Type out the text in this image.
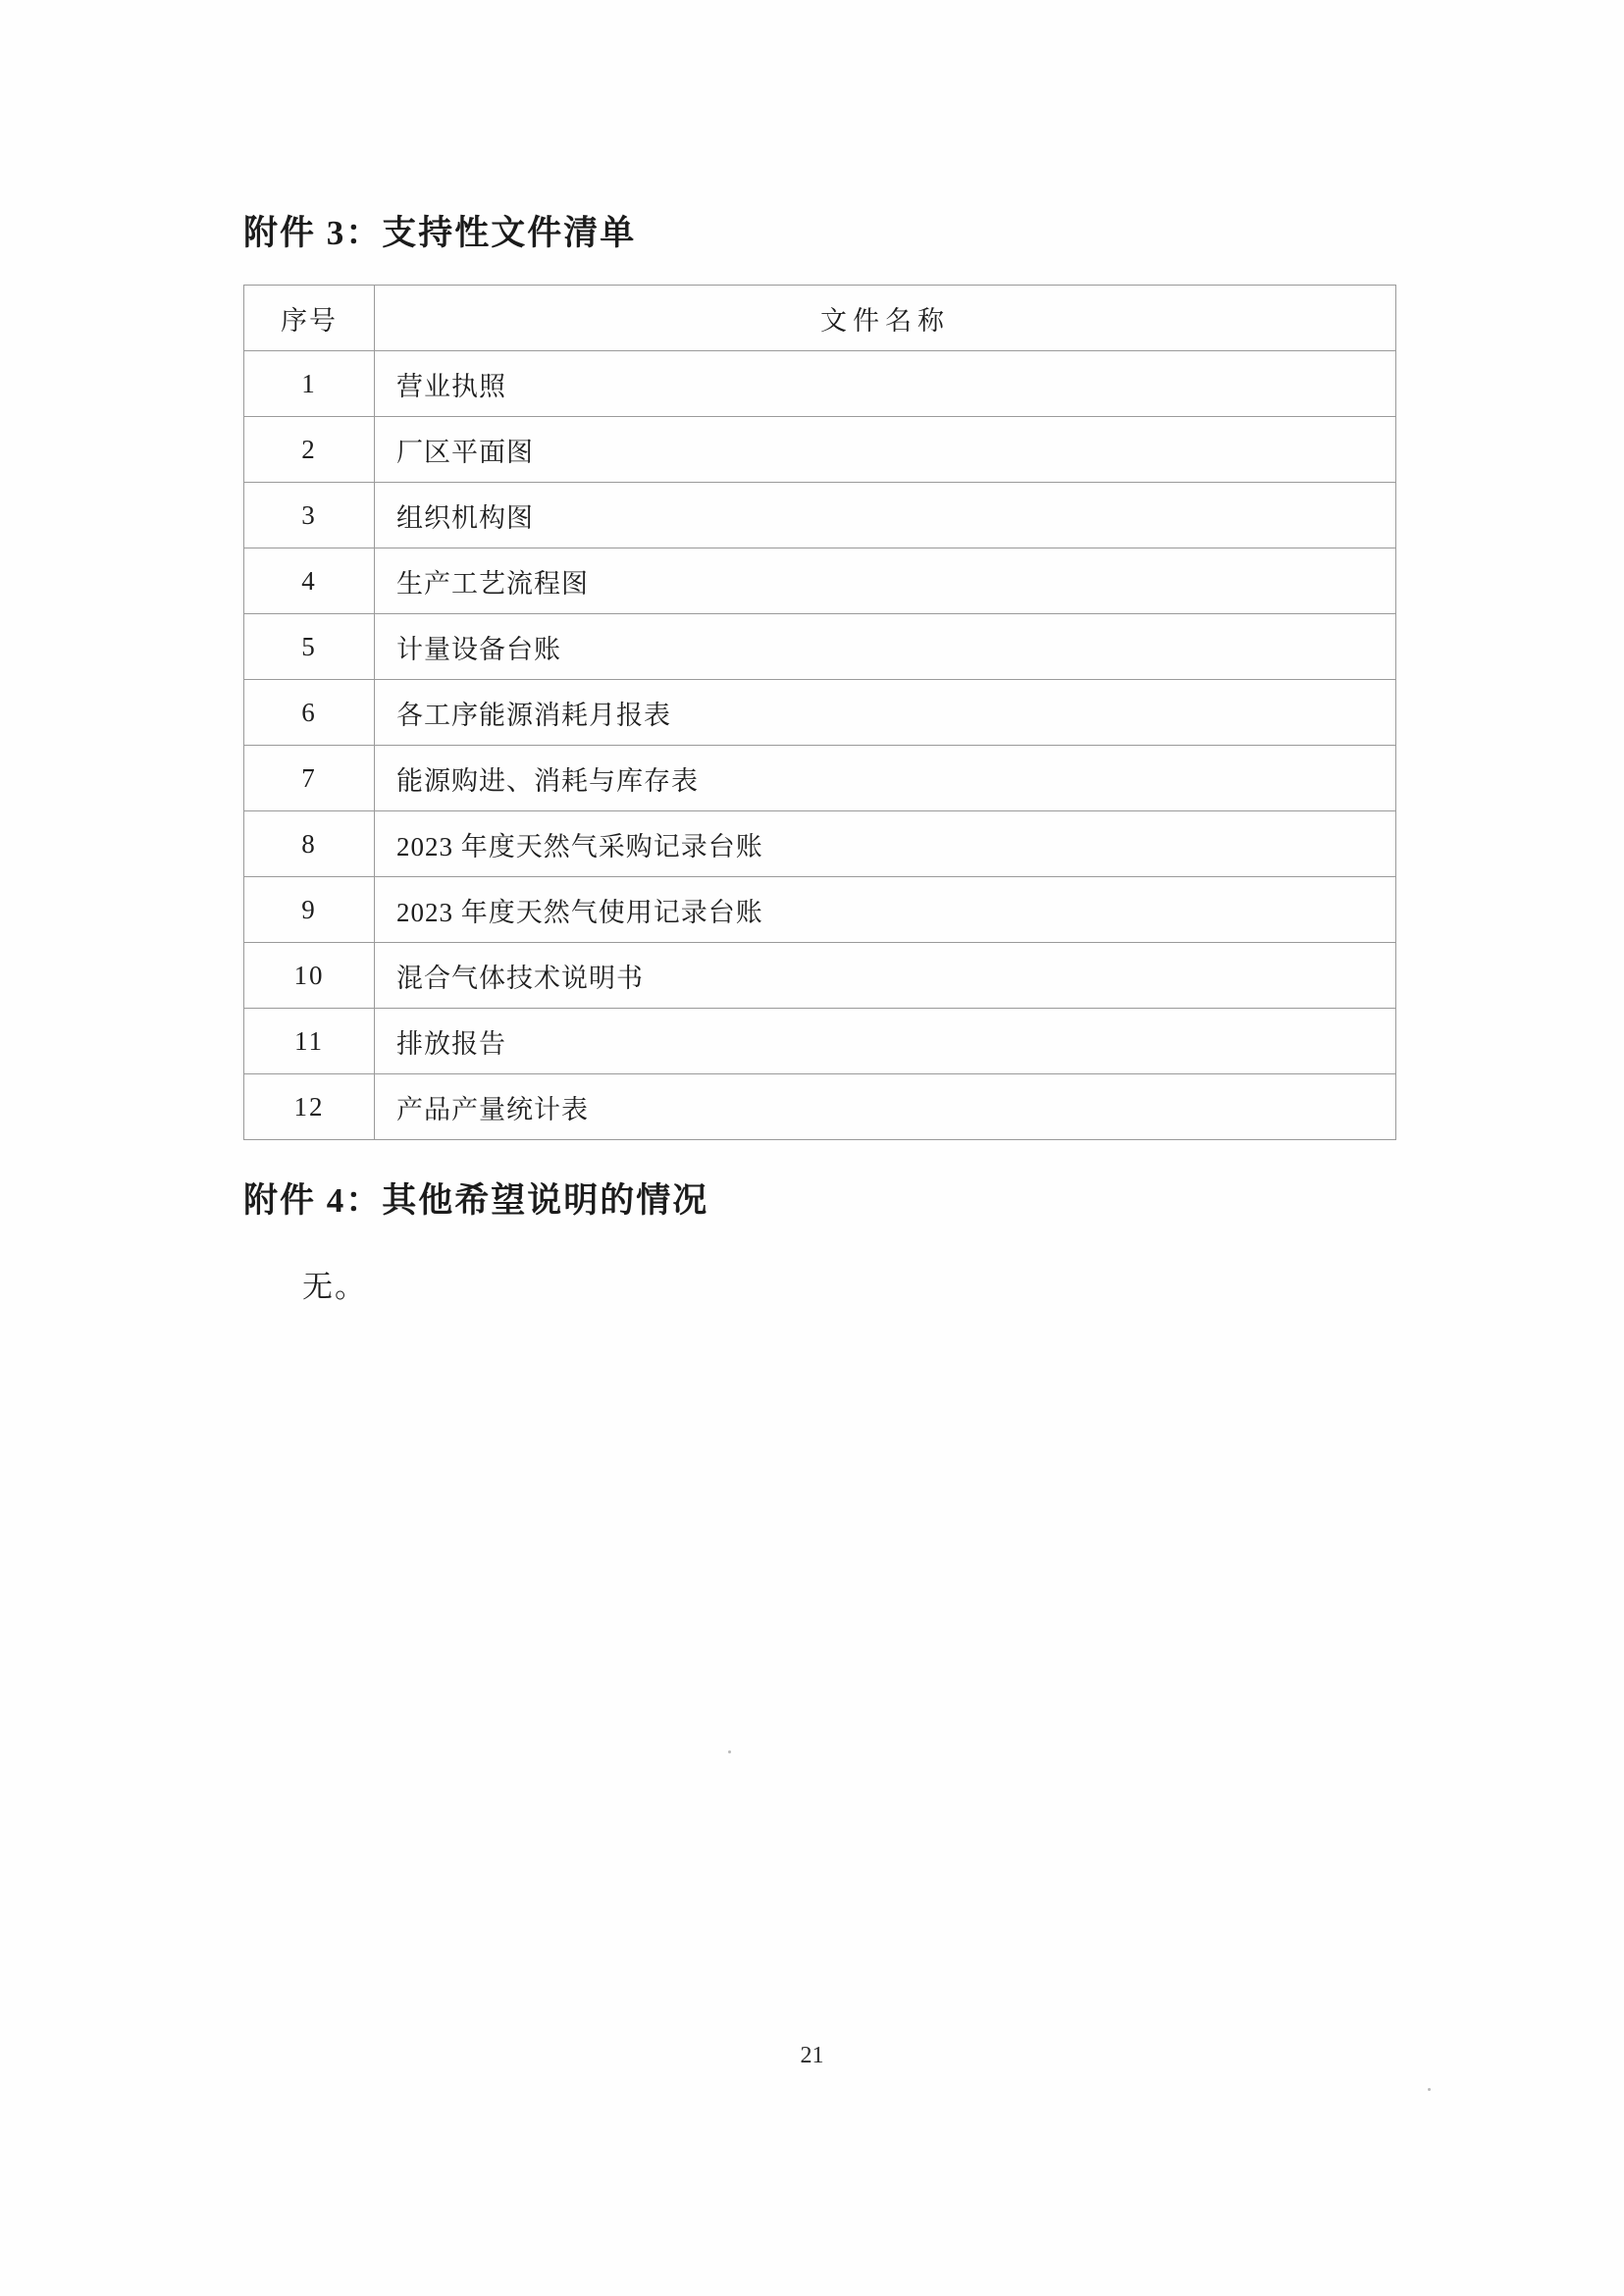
附件 3：支持性文件清单
序号	文件名称
1	营业执照
2	厂区平面图
3	组织机构图
4	生产工艺流程图
5	计量设备台账
6	各工序能源消耗月报表
7	能源购进、消耗与库存表
8	2023 年度天然气采购记录台账
9	2023 年度天然气使用记录台账
10	混合气体技术说明书
11	排放报告
12	产品产量统计表
附件 4：其他希望说明的情况

无。

21
